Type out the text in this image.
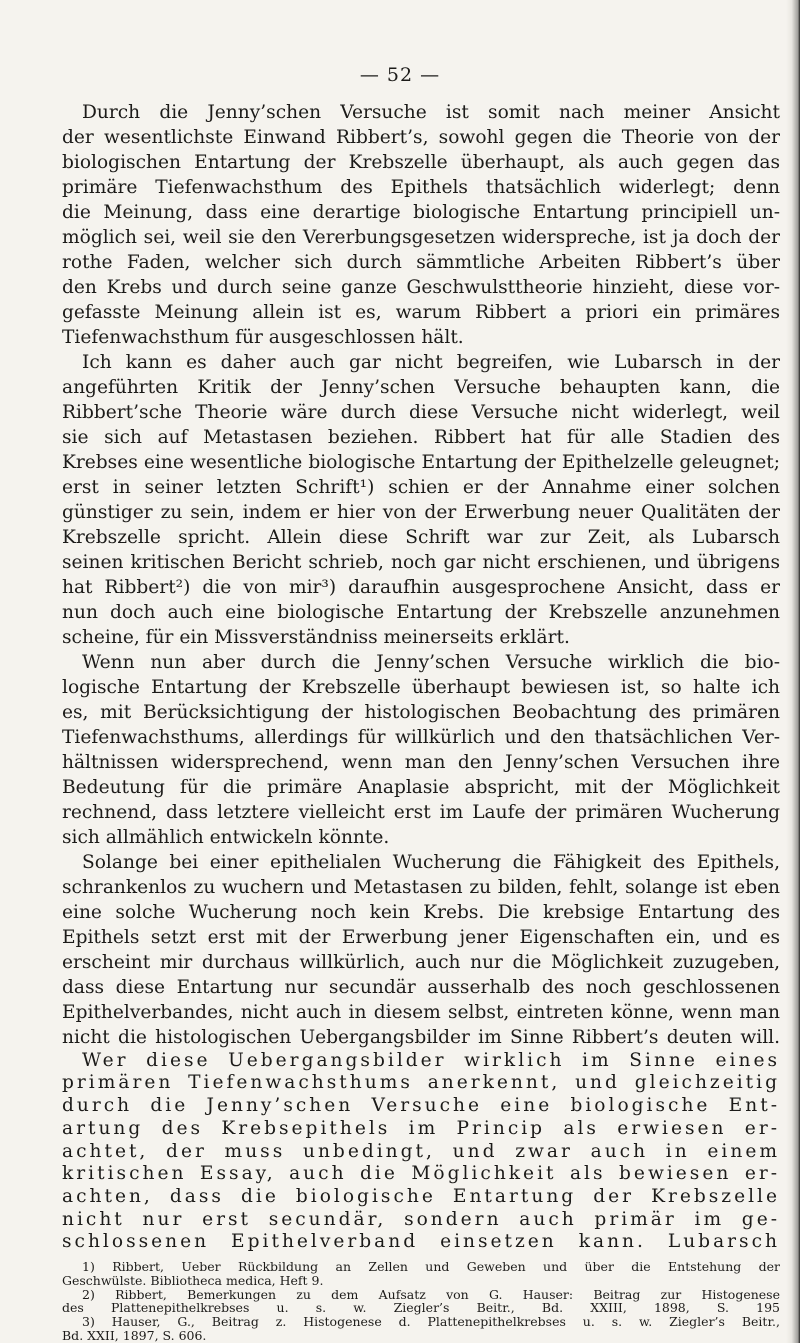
— 52 —
Durch die Jenny’schen Versuche ist somit nach meiner Ansicht
der wesentlichste Einwand Ribbert’s, sowohl gegen die Theorie von der
biologischen Entartung der Krebszelle überhaupt, als auch gegen das
primäre Tiefenwachsthum des Epithels thatsächlich widerlegt; denn
die Meinung, dass eine derartige biologische Entartung principiell un-
möglich sei, weil sie den Vererbungsgesetzen widerspreche, ist ja doch der
rothe Faden, welcher sich durch sämmtliche Arbeiten Ribbert’s über
den Krebs und durch seine ganze Geschwulsttheorie hinzieht, diese vor-
gefasste Meinung allein ist es, warum Ribbert a priori ein primäres
Tiefenwachsthum für ausgeschlossen hält.
Ich kann es daher auch gar nicht begreifen, wie Lubarsch in der
angeführten Kritik der Jenny’schen Versuche behaupten kann, die
Ribbert’sche Theorie wäre durch diese Versuche nicht widerlegt, weil
sie sich auf Metastasen beziehen. Ribbert hat für alle Stadien des
Krebses eine wesentliche biologische Entartung der Epithelzelle geleugnet;
erst in seiner letzten Schrift¹) schien er der Annahme einer solchen
günstiger zu sein, indem er hier von der Erwerbung neuer Qualitäten der
Krebszelle spricht. Allein diese Schrift war zur Zeit, als Lubarsch
seinen kritischen Bericht schrieb, noch gar nicht erschienen, und übrigens
hat Ribbert²) die von mir³) daraufhin ausgesprochene Ansicht, dass er
nun doch auch eine biologische Entartung der Krebszelle anzunehmen
scheine, für ein Missverständniss meinerseits erklärt.
Wenn nun aber durch die Jenny’schen Versuche wirklich die bio-
logische Entartung der Krebszelle überhaupt bewiesen ist, so halte ich
es, mit Berücksichtigung der histologischen Beobachtung des primären
Tiefenwachsthums, allerdings für willkürlich und den thatsächlichen Ver-
hältnissen widersprechend, wenn man den Jenny’schen Versuchen ihre
Bedeutung für die primäre Anaplasie abspricht, mit der Möglichkeit
rechnend, dass letztere vielleicht erst im Laufe der primären Wucherung
sich allmählich entwickeln könnte.
Solange bei einer epithelialen Wucherung die Fähigkeit des Epithels,
schrankenlos zu wuchern und Metastasen zu bilden, fehlt, solange ist eben
eine solche Wucherung noch kein Krebs. Die krebsige Entartung des
Epithels setzt erst mit der Erwerbung jener Eigenschaften ein, und es
erscheint mir durchaus willkürlich, auch nur die Möglichkeit zuzugeben,
dass diese Entartung nur secundär ausserhalb des noch geschlossenen
Epithelverbandes, nicht auch in diesem selbst, eintreten könne, wenn man
nicht die histologischen Uebergangsbilder im Sinne Ribbert’s deuten will.
Wer diese Uebergangsbilder wirklich im Sinne eines
primären Tiefenwachsthums anerkennt, und gleichzeitig
durch die Jenny’schen Versuche eine biologische Ent-
artung des Krebsepithels im Princip als erwiesen er-
achtet, der muss unbedingt, und zwar auch in einem
kritischen Essay, auch die Möglichkeit als bewiesen er-
achten, dass die biologische Entartung der Krebszelle
nicht nur erst secundär, sondern auch primär im ge-
schlossenen Epithelverband einsetzen kann. Lubarsch
1) Ribbert, Ueber Rückbildung an Zellen und Geweben und über die Entstehung der
Geschwülste. Bibliotheca medica, Heft 9.
2) Ribbert, Bemerkungen zu dem Aufsatz von G. Hauser: Beitrag zur Histogenese
des Plattenepithelkrebses u. s. w. Ziegler’s Beitr., Bd. XXIII, 1898, S. 195
3) Hauser, G., Beitrag z. Histogenese d. Plattenepithelkrebses u. s. w. Ziegler’s Beitr.,
Bd. XXII, 1897, S. 606.
